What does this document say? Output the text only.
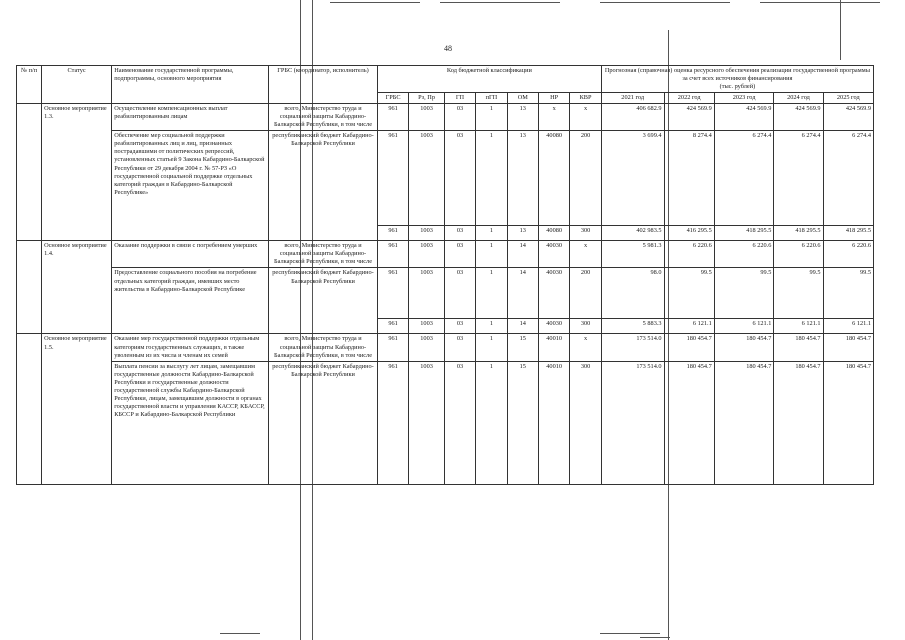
48
№ п/п	Статус	Наименование государственной программы, подпрограммы, основного мероприятия	ГРБС (координатор, исполнитель)	Код бюджетной классификации							Прогнозная (справочная) оценка ресурсного обеспечения реализации государственной программы за счет всех источников финансирования
(тыс. рублей)				

				ГРБС	Рз, Пр	ГП	пГП	ОМ	НР	КВР	2021 год	2022 год	2023 год	2024 год	2025 год
	Основное мероприятие 1.3.	Осуществление компенсационных выплат реабилитированным лицам	всего, Министерство труда и социальной защиты Кабардино-Балкарской Республики, в том числе	961	1003	03	1	13	х	х	406 682.9	424 569.9	424 569.9	424 569.9	424 569.9
		Обеспечение мер социальной поддержки реабилитированных лиц и лиц, признанных пострадавшими от политических репрессий, установленных статьей 9 Закона Кабардино-Балкарской Республики от 29 декабря 2004 г. № 57-РЗ «О государственной социальной поддержке отдельных категорий граждан в Кабардино-Балкарской Республике»	республиканский бюджет Кабардино-Балкарской Республики	961	1003	03	1	13	40080	200	3 699.4	8 274.4	6 274.4	6 274.4	6 274.4
				961	1003	03	1	13	40080	300	402 983.5	416 295.5	418 295.5	418 295.5	418 295.5
	Основное мероприятие 1.4.	Оказание поддержки в связи с погребением умерших	всего, Министерство труда и социальной защиты Кабардино-Балкарской Республики, в том числе	961	1003	03	1	14	40030	х	5 981.3	6 220.6	6 220.6	6 220.6	6 220.6
		Предоставление социального пособия на погребение отдельных категорий граждан, имевших место жительства в Кабардино-Балкарской Республике	республиканский бюджет Кабардино-Балкарской Республики	961	1003	03	1	14	40030	200	98.0	99.5	99.5	99.5	99.5
				961	1003	03	1	14	40030	300	5 883.3	6 121.1	6 121.1	6 121.1	6 121.1
	Основное мероприятие 1.5.	Оказание мер государственной поддержки отдельным категориям государственных служащих, в также уволенным из их числа и членам их семей	всего, Министерство труда и социальной защиты Кабардино-Балкарской Республики, в том числе	961	1003	03	1	15	40010	х	173 514.0	180 454.7	180 454.7	180 454.7	180 454.7
		Выплата пенсии за выслугу лет лицам, замещавшим государственные должности Кабардино-Балкарской Республики и государственные должности государственной службы Кабардино-Балкарской Республики, лицам, замещавшим должности в органах государственной власти и управления КАССР, КБАССР, КБССР и Кабардино-Балкарской Республики	республиканский бюджет Кабардино-Балкарской Республики	961	1003	03	1	15	40010	300	173 514.0	180 454.7	180 454.7	180 454.7	180 454.7
